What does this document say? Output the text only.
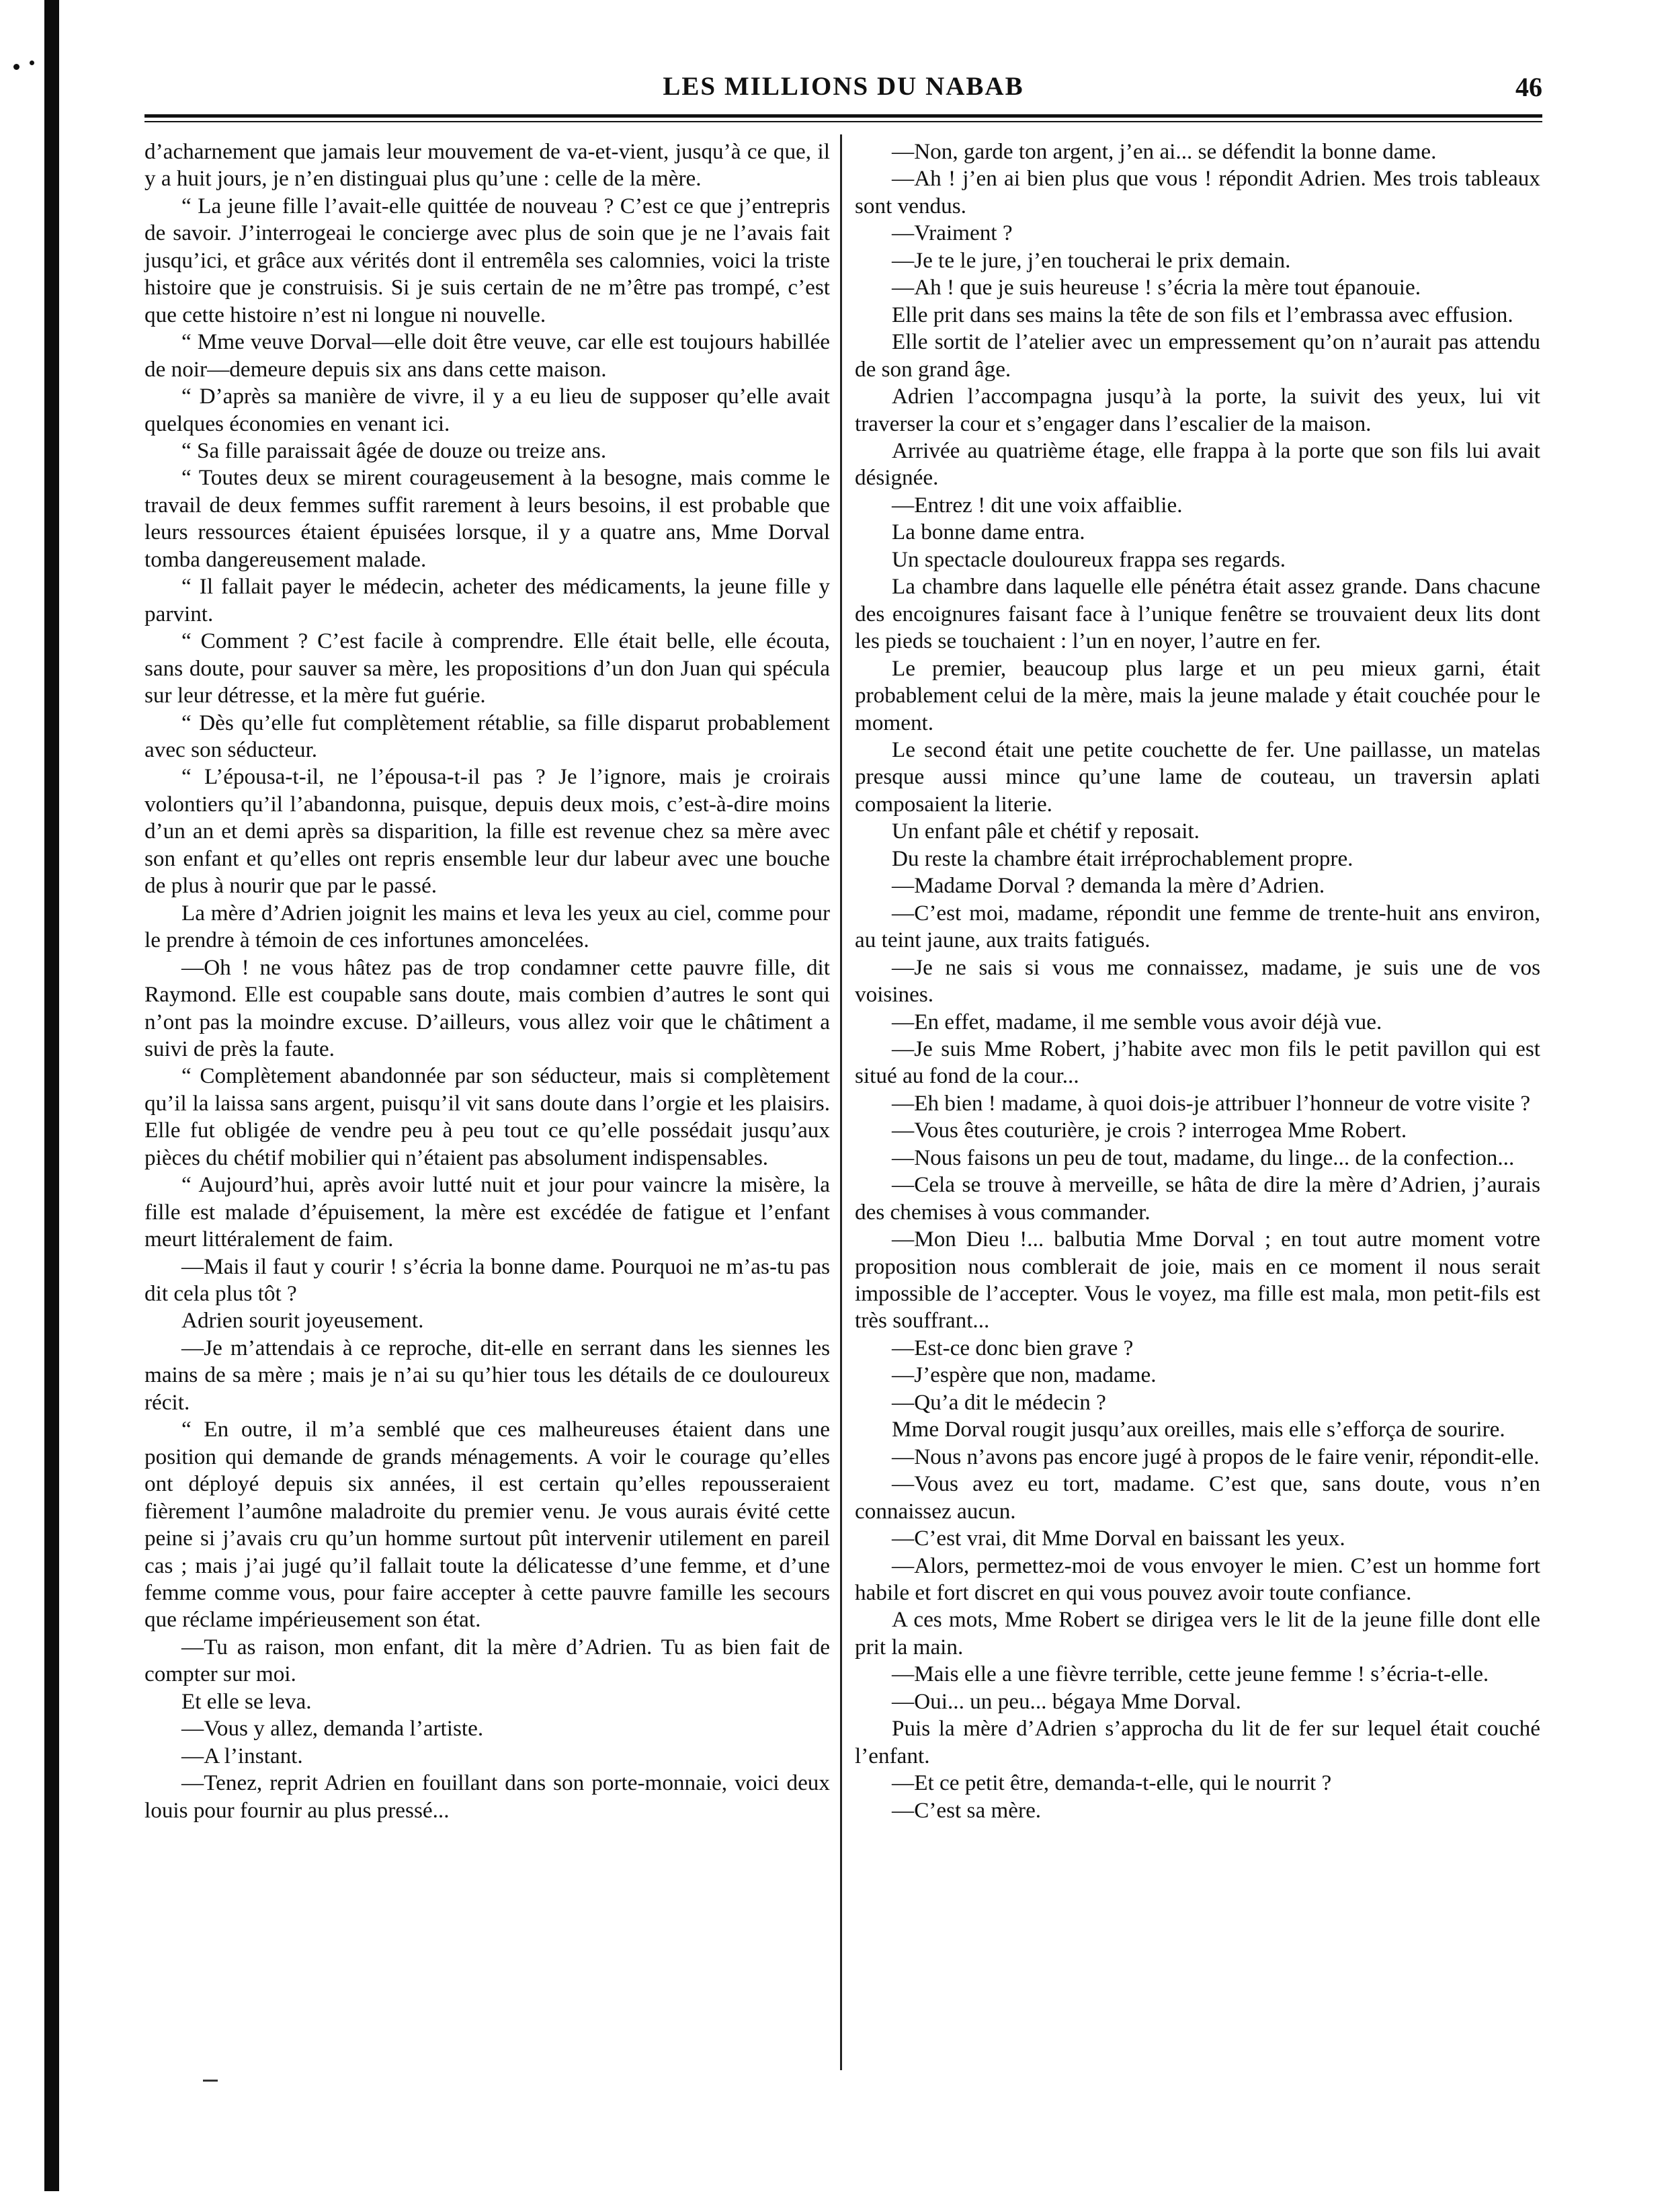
LES MILLIONS DU NABAB	46

d’acharnement que jamais leur mouvement de va-et-vient, jusqu’à ce que, il y a huit jours, je n’en distinguai plus qu’une : celle de la mère.

“ La jeune fille l’avait-elle quittée de nouveau ? C’est ce que j’entrepris de savoir. J’interrogeai le concierge avec plus de soin que je ne l’avais fait jusqu’ici, et grâce aux vérités dont il entremêla ses calomnies, voici la triste histoire que je construisis. Si je suis certain de ne m’être pas trompé, c’est que cette histoire n’est ni longue ni nouvelle.

“ Mme veuve Dorval—elle doit être veuve, car elle est toujours habillée de noir—demeure depuis six ans dans cette maison.

“ D’après sa manière de vivre, il y a eu lieu de supposer qu’elle avait quelques économies en venant ici.

“ Sa fille paraissait âgée de douze ou treize ans.

“ Toutes deux se mirent courageusement à la besogne, mais comme le travail de deux femmes suffit rarement à leurs besoins, il est probable que leurs ressources étaient épuisées lorsque, il y a quatre ans, Mme Dorval tomba dangereusement malade.

“ Il fallait payer le médecin, acheter des médicaments, la jeune fille y parvint.

“ Comment ? C’est facile à comprendre. Elle était belle, elle écouta, sans doute, pour sauver sa mère, les propositions d’un don Juan qui spécula sur leur détresse, et la mère fut guérie.

“ Dès qu’elle fut complètement rétablie, sa fille disparut probablement avec son séducteur.

“ L’épousa-t-il, ne l’épousa-t-il pas ? Je l’ignore, mais je croirais volontiers qu’il l’abandonna, puisque, depuis deux mois, c’est-à-dire moins d’un an et demi après sa disparition, la fille est revenue chez sa mère avec son enfant et qu’elles ont repris ensemble leur dur labeur avec une bouche de plus à nourir que par le passé.

La mère d’Adrien joignit les mains et leva les yeux au ciel, comme pour le prendre à témoin de ces infortunes amoncelées.

—Oh ! ne vous hâtez pas de trop condamner cette pauvre fille, dit Raymond. Elle est coupable sans doute, mais combien d’autres le sont qui n’ont pas la moindre excuse. D’ailleurs, vous allez voir que le châtiment a suivi de près la faute.

“ Complètement abandonnée par son séducteur, mais si complètement qu’il la laissa sans argent, puisqu’il vit sans doute dans l’orgie et les plaisirs. Elle fut obligée de vendre peu à peu tout ce qu’elle possédait jusqu’aux pièces du chétif mobilier qui n’étaient pas absolument indispensables.

“ Aujourd’hui, après avoir lutté nuit et jour pour vaincre la misère, la fille est malade d’épuisement, la mère est excédée de fatigue et l’enfant meurt littéralement de faim.

—Mais il faut y courir ! s’écria la bonne dame. Pourquoi ne m’as-tu pas dit cela plus tôt ?

Adrien sourit joyeusement.

—Je m’attendais à ce reproche, dit-elle en serrant dans les siennes les mains de sa mère ; mais je n’ai su qu’hier tous les détails de ce douloureux récit.

“ En outre, il m’a semblé que ces malheureuses étaient dans une position qui demande de grands ménagements. A voir le courage qu’elles ont déployé depuis six années, il est certain qu’elles repousseraient fièrement l’aumône maladroite du premier venu. Je vous aurais évité cette peine si j’avais cru qu’un homme surtout pût intervenir utilement en pareil cas ; mais j’ai jugé qu’il fallait toute la délicatesse d’une femme, et d’une femme comme vous, pour faire accepter à cette pauvre famille les secours que réclame impérieusement son état.

—Tu as raison, mon enfant, dit la mère d’Adrien. Tu as bien fait de compter sur moi.

Et elle se leva.

—Vous y allez, demanda l’artiste.

—A l’instant.

—Tenez, reprit Adrien en fouillant dans son porte-monnaie, voici deux louis pour fournir au plus pressé...

—Non, garde ton argent, j’en ai... se défendit la bonne dame.

—Ah ! j’en ai bien plus que vous ! répondit Adrien. Mes trois tableaux sont vendus.

—Vraiment ?

—Je te le jure, j’en toucherai le prix demain.

—Ah ! que je suis heureuse ! s’écria la mère tout épanouie.

Elle prit dans ses mains la tête de son fils et l’embrassa avec effusion.

Elle sortit de l’atelier avec un empressement qu’on n’aurait pas attendu de son grand âge.

Adrien l’accompagna jusqu’à la porte, la suivit des yeux, lui vit traverser la cour et s’engager dans l’escalier de la maison.

Arrivée au quatrième étage, elle frappa à la porte que son fils lui avait désignée.

—Entrez ! dit une voix affaiblie.

La bonne dame entra.

Un spectacle douloureux frappa ses regards.

La chambre dans laquelle elle pénétra était assez grande. Dans chacune des encoignures faisant face à l’unique fenêtre se trouvaient deux lits dont les pieds se touchaient : l’un en noyer, l’autre en fer.

Le premier, beaucoup plus large et un peu mieux garni, était probablement celui de la mère, mais la jeune malade y était couchée pour le moment.

Le second était une petite couchette de fer. Une paillasse, un matelas presque aussi mince qu’une lame de couteau, un traversin aplati composaient la literie.

Un enfant pâle et chétif y reposait.

Du reste la chambre était irréprochablement propre.

—Madame Dorval ? demanda la mère d’Adrien.

—C’est moi, madame, répondit une femme de trente-huit ans environ, au teint jaune, aux traits fatigués.

—Je ne sais si vous me connaissez, madame, je suis une de vos voisines.

—En effet, madame, il me semble vous avoir déjà vue.

—Je suis Mme Robert, j’habite avec mon fils le petit pavillon qui est situé au fond de la cour...

—Eh bien ! madame, à quoi dois-je attribuer l’honneur de votre visite ?

—Vous êtes couturière, je crois ? interrogea Mme Robert.

—Nous faisons un peu de tout, madame, du linge... de la confection...

—Cela se trouve à merveille, se hâta de dire la mère d’Adrien, j’aurais des chemises à vous commander.

—Mon Dieu !... balbutia Mme Dorval ; en tout autre moment votre proposition nous comblerait de joie, mais en ce moment il nous serait impossible de l’accepter. Vous le voyez, ma fille est mala, mon petit-fils est très souffrant...

—Est-ce donc bien grave ?

—J’espère que non, madame.

—Qu’a dit le médecin ?

Mme Dorval rougit jusqu’aux oreilles, mais elle s’efforça de sourire.

—Nous n’avons pas encore jugé à propos de le faire venir, répondit-elle.

—Vous avez eu tort, madame. C’est que, sans doute, vous n’en connaissez aucun.

—C’est vrai, dit Mme Dorval en baissant les yeux.

—Alors, permettez-moi de vous envoyer le mien. C’est un homme fort habile et fort discret en qui vous pouvez avoir toute confiance.

A ces mots, Mme Robert se dirigea vers le lit de la jeune fille dont elle prit la main.

—Mais elle a une fièvre terrible, cette jeune femme ! s’écria-t-elle.

—Oui... un peu... bégaya Mme Dorval.

Puis la mère d’Adrien s’approcha du lit de fer sur lequel était couché l’enfant.

—Et ce petit être, demanda-t-elle, qui le nourrit ?

—C’est sa mère.
